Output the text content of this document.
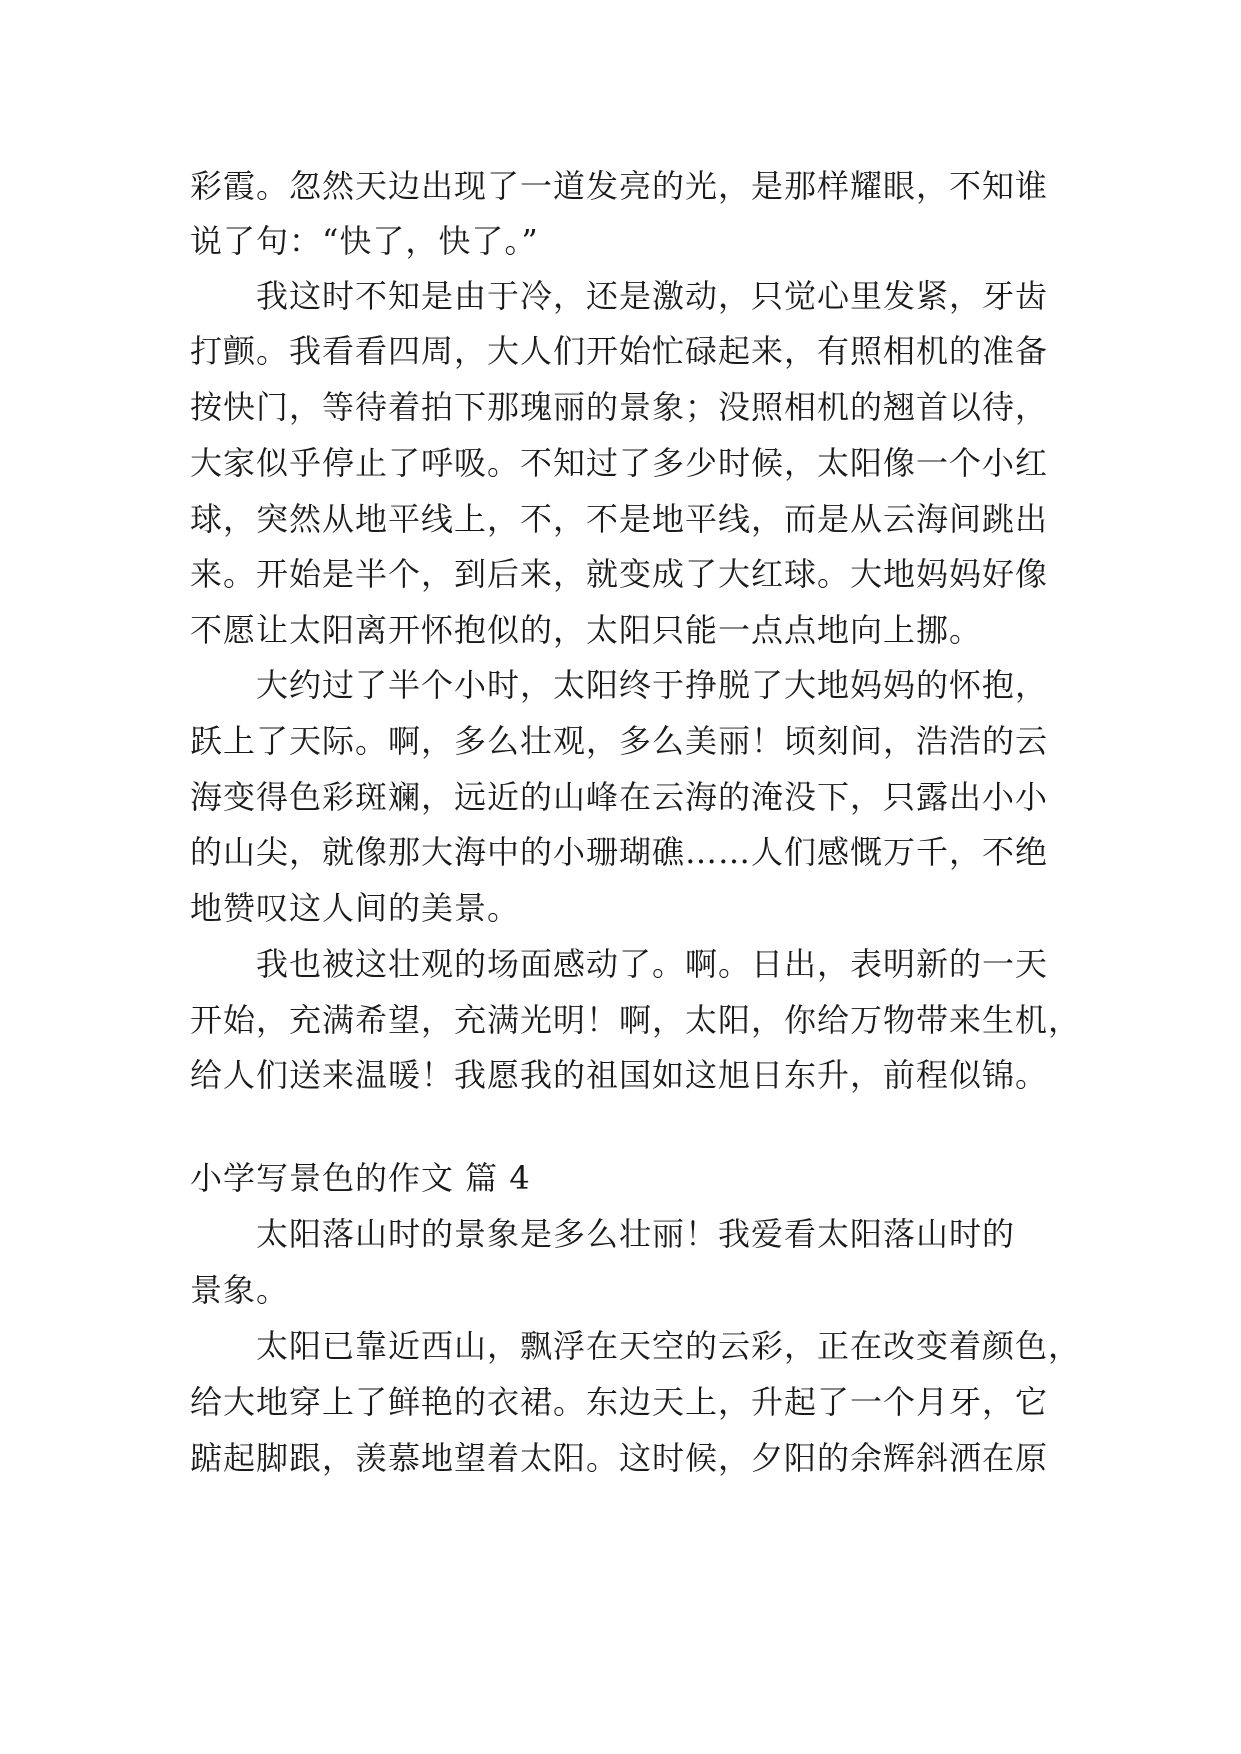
彩霞。忽然天边出现了一道发亮的光，是那样耀眼，不知谁
说了句：“快了，快了。”
　　我这时不知是由于冷，还是激动，只觉心里发紧，牙齿
打颤。我看看四周，大人们开始忙碌起来，有照相机的准备
按快门，等待着拍下那瑰丽的景象；没照相机的翘首以待，
大家似乎停止了呼吸。不知过了多少时候，太阳像一个小红
球，突然从地平线上，不，不是地平线，而是从云海间跳出
来。开始是半个，到后来，就变成了大红球。大地妈妈好像
不愿让太阳离开怀抱似的，太阳只能一点点地向上挪。
　　大约过了半个小时，太阳终于挣脱了大地妈妈的怀抱，
跃上了天际。啊，多么壮观，多么美丽！顷刻间，浩浩的云
海变得色彩斑斓，远近的山峰在云海的淹没下，只露出小小
的山尖，就像那大海中的小珊瑚礁……人们感慨万千，不绝
地赞叹这人间的美景。
　　我也被这壮观的场面感动了。啊。日出，表明新的一天
开始，充满希望，充满光明！啊，太阳，你给万物带来生机，
给人们送来温暖！我愿我的祖国如这旭日东升，前程似锦。
小学写景色的作文 篇 4
　　太阳落山时的景象是多么壮丽！我爱看太阳落山时的
景象。
　　太阳已靠近西山，飘浮在天空的云彩，正在改变着颜色，
给大地穿上了鲜艳的衣裙。东边天上，升起了一个月牙，它
踮起脚跟，羡慕地望着太阳。这时候，夕阳的余辉斜洒在原
